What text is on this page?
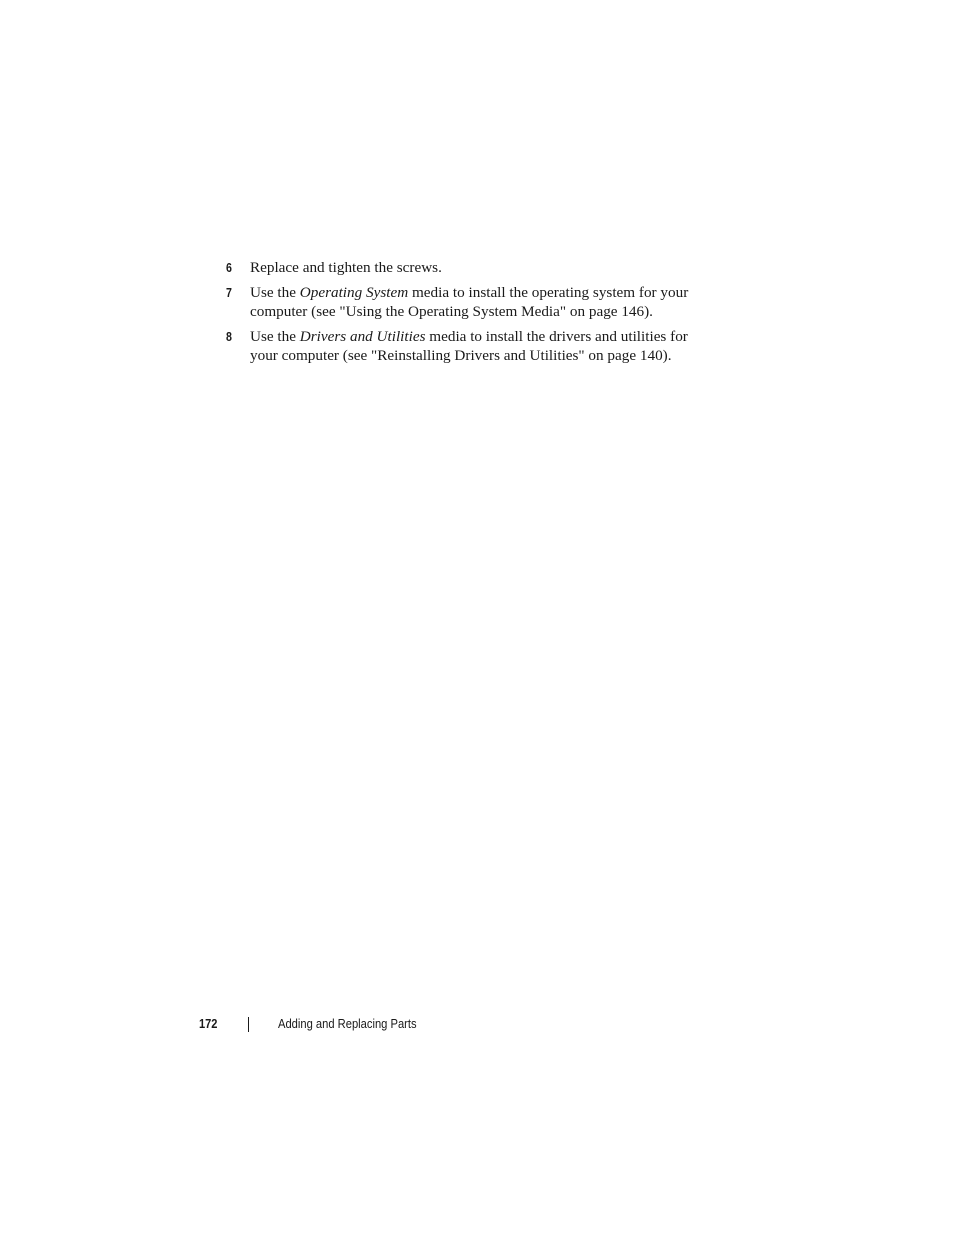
6 Replace and tighten the screws.
7 Use the Operating System media to install the operating system for your computer (see "Using the Operating System Media" on page 146).
8 Use the Drivers and Utilities media to install the drivers and utilities for your computer (see "Reinstalling Drivers and Utilities" on page 140).
172	Adding and Replacing Parts
